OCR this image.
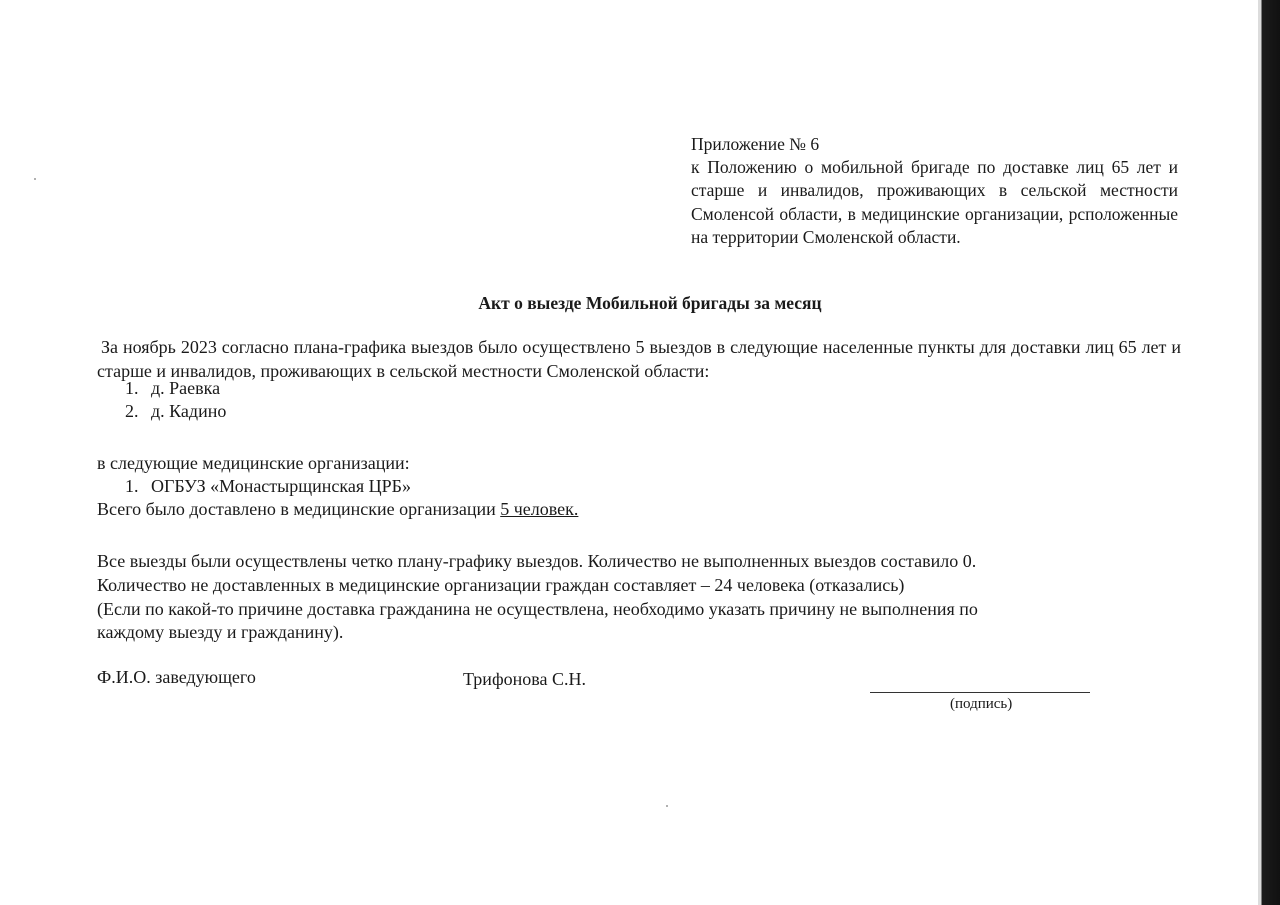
Приложение № 6
к Положению о мобильной бригаде по доставке лиц 65 лет и старше и инвалидов, проживающих в сельской местности Смоленсой области, в медицинские организации, рсположенные на территории Смоленской области.
Акт о выезде Мобильной бригады за месяц
За ноябрь 2023 согласно плана-графика выездов было осуществлено 5 выездов в следующие населенные пункты для доставки лиц 65 лет и старше и инвалидов, проживающих в сельской местности Смоленской области:
1. д. Раевка
2. д. Кадино
в следующие медицинские организации:
1. ОГБУЗ «Монастырщинская ЦРБ»
Всего было доставлено в медицинские организации 5 человек.
Все выезды были осуществлены четко плану-графику выездов. Количество не выполненных выездов составило 0.
Количество не доставленных в медицинские организации граждан составляет – 24 человека (отказались)
(Если по какой-то причине доставка гражданина не осуществлена, необходимо указать причину не выполнения по
каждому выезду и гражданину).
Ф.И.О. заведующего	Трифонова С.Н.
(подпись)
